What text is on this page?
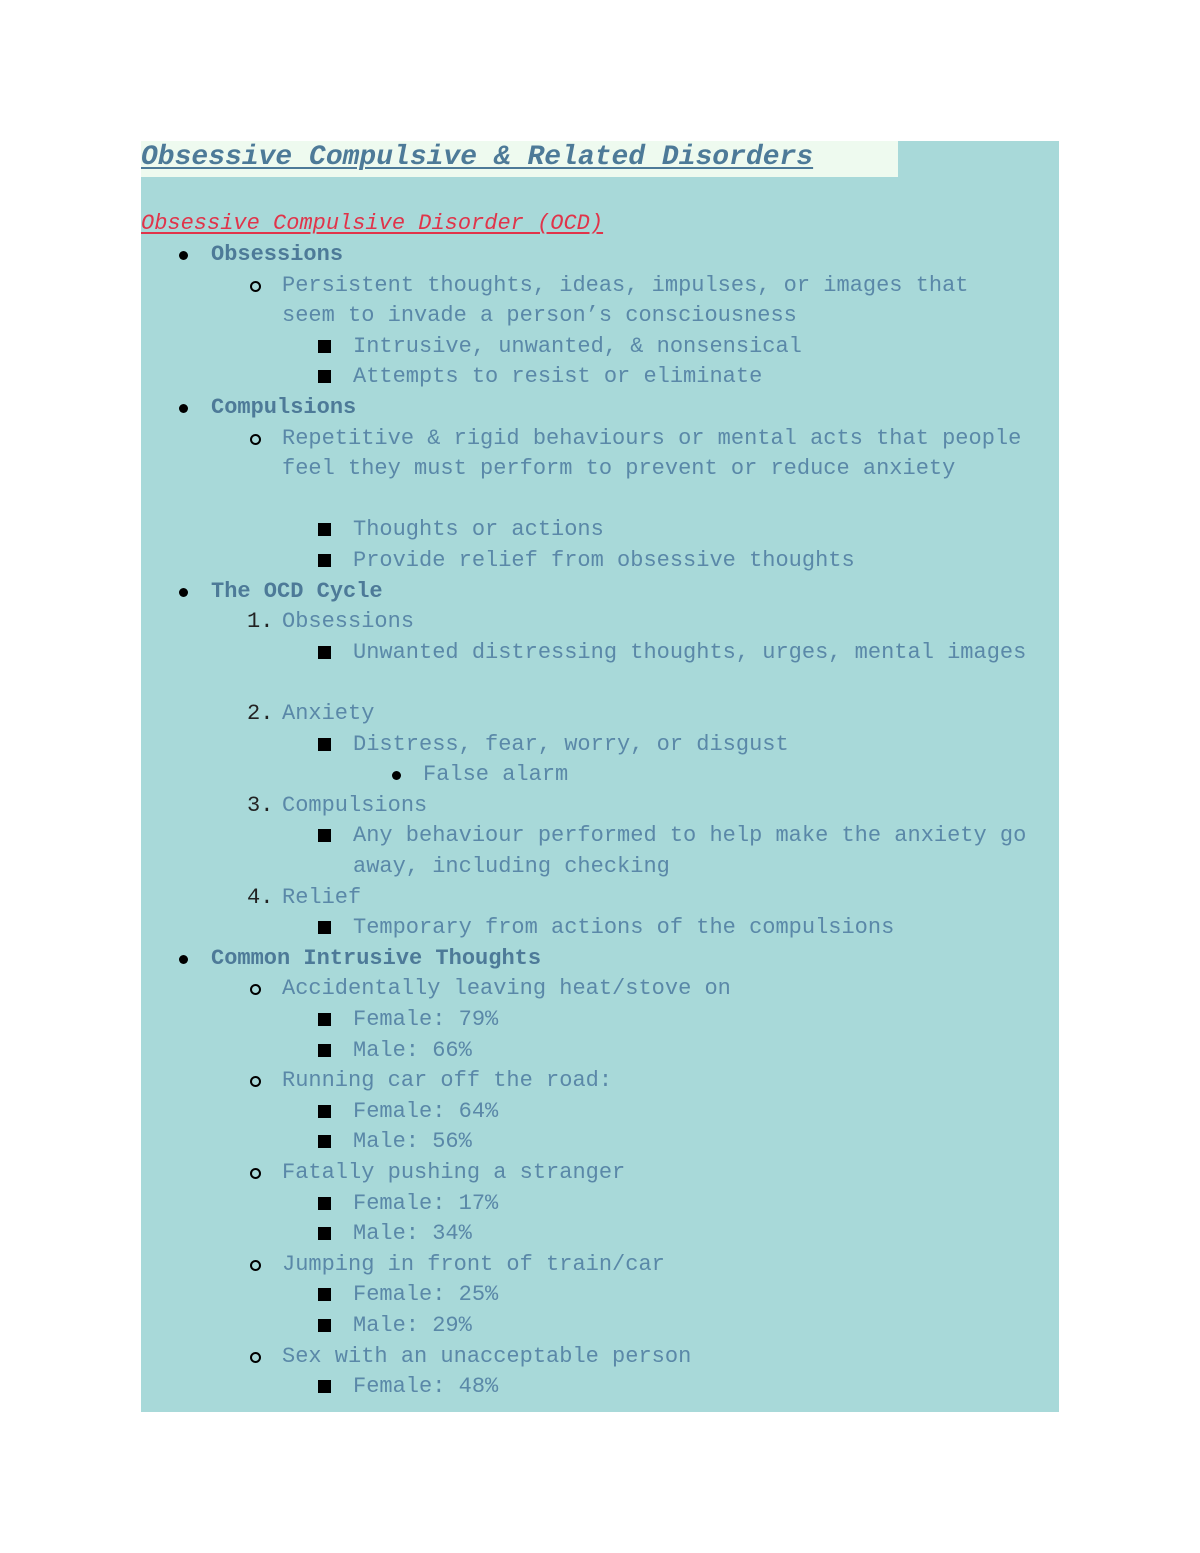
Obsessive Compulsive & Related Disorders
Obsessive Compulsive Disorder (OCD)
Obsessions
Persistent thoughts, ideas, impulses, or images that seem to invade a person’s consciousness
Intrusive, unwanted, & nonsensical
Attempts to resist or eliminate
Compulsions
Repetitive & rigid behaviours or mental acts that people feel they must perform to prevent or reduce anxiety
Thoughts or actions
Provide relief from obsessive thoughts
The OCD Cycle
1. Obsessions
Unwanted distressing thoughts, urges, mental images
2. Anxiety
Distress, fear, worry, or disgust
False alarm
3. Compulsions
Any behaviour performed to help make the anxiety go away, including checking
4. Relief
Temporary from actions of the compulsions
Common Intrusive Thoughts
Accidentally leaving heat/stove on
Female: 79%
Male: 66%
Running car off the road:
Female: 64%
Male: 56%
Fatally pushing a stranger
Female: 17%
Male: 34%
Jumping in front of train/car
Female: 25%
Male: 29%
Sex with an unacceptable person
Female: 48%
